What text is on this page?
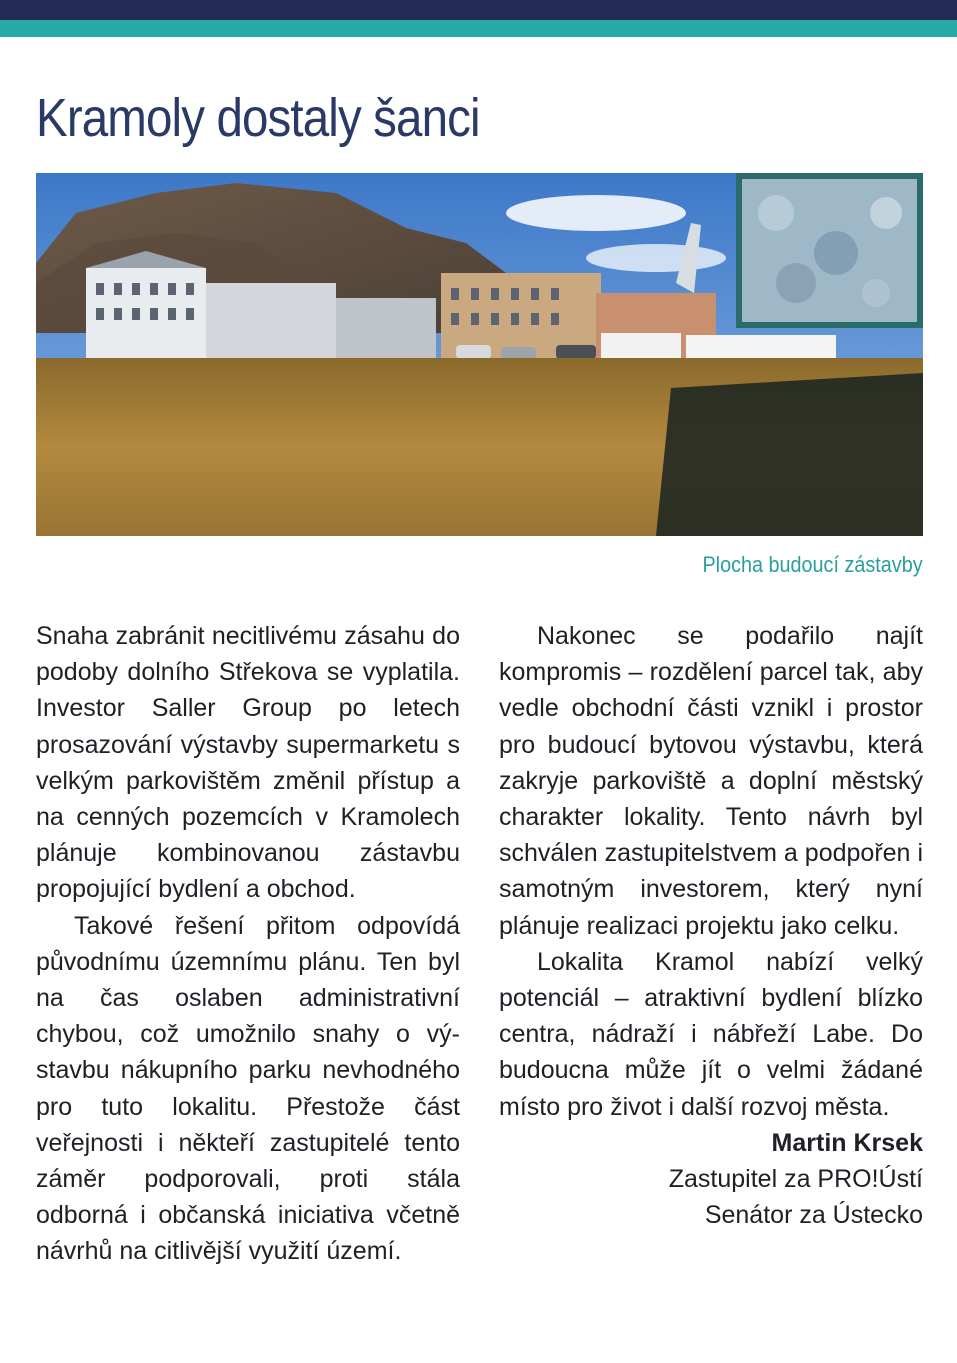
Kramoly dostaly šanci

Plocha budoucí zástavby

Snaha zabránit necitlivému zásahu do podoby dolního Střekova se vyplatila. Investor Saller Group po letech prosazování výstavby supermarketu s velkým parkovištěm změnil přístup a na cenných pozemcích v Kramolech plánuje kombinovanou zástavbu propojující bydlení a obchod.

Takové řešení přitom odpovídá původnímu územnímu plánu. Ten byl na čas oslaben administrativní chybou, což umožnilo snahy o výstavbu nákupního parku nevhodného pro tuto lokalitu. Přestože část veřejnosti i někteří zastupitelé tento záměr podporovali, proti stála odborná i občanská iniciativa včetně návrhů na citlivější využití území.

Nakonec se podařilo najít kompromis – rozdělení parcel tak, aby vedle obchodní části vznikl i prostor pro budoucí bytovou výstavbu, která zakryje parkoviště a doplní městský charakter lokality. Tento návrh byl schválen zastupitelstvem a podpořen i samotným investorem, který nyní plánuje realizaci projektu jako celku.

Lokalita Kramol nabízí velký potenciál – atraktivní bydlení blízko centra, nádraží i nábřeží Labe. Do budoucna může jít o velmi žádané místo pro život i další rozvoj města.

Martin Krsek
Zastupitel za PRO!Ústí
Senátor za Ústecko
